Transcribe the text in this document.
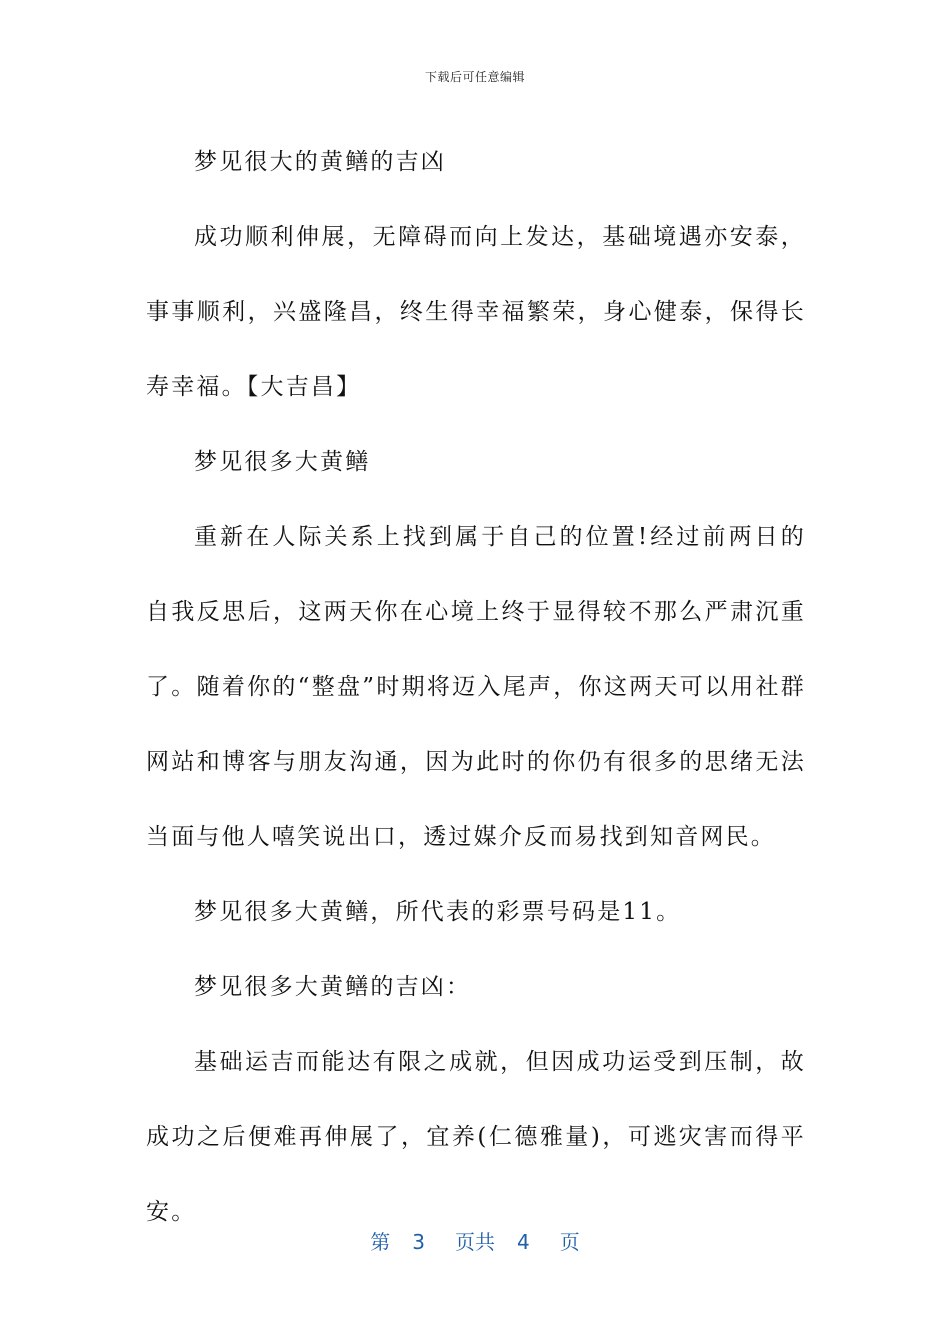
下载后可任意编辑

梦见很大的黄鳝的吉凶

成功顺利伸展，无障碍而向上发达，基础境遇亦安泰，事事顺利，兴盛隆昌，终生得幸福繁荣，身心健泰，保得长寿幸福。【大吉昌】

梦见很多大黄鳝

重新在人际关系上找到属于自己的位置!经过前两日的自我反思后，这两天你在心境上终于显得较不那么严肃沉重了。随着你的“整盘”时期将迈入尾声，你这两天可以用社群网站和博客与朋友沟通，因为此时的你仍有很多的思绪无法当面与他人嘻笑说出口，透过媒介反而易找到知音网民。

梦见很多大黄鳝，所代表的彩票号码是11。

梦见很多大黄鳝的吉凶：

基础运吉而能达有限之成就，但因成功运受到压制，故成功之后便难再伸展了，宜养(仁德雅量)，可逃灾害而得平安。

第 3 页共 4 页
